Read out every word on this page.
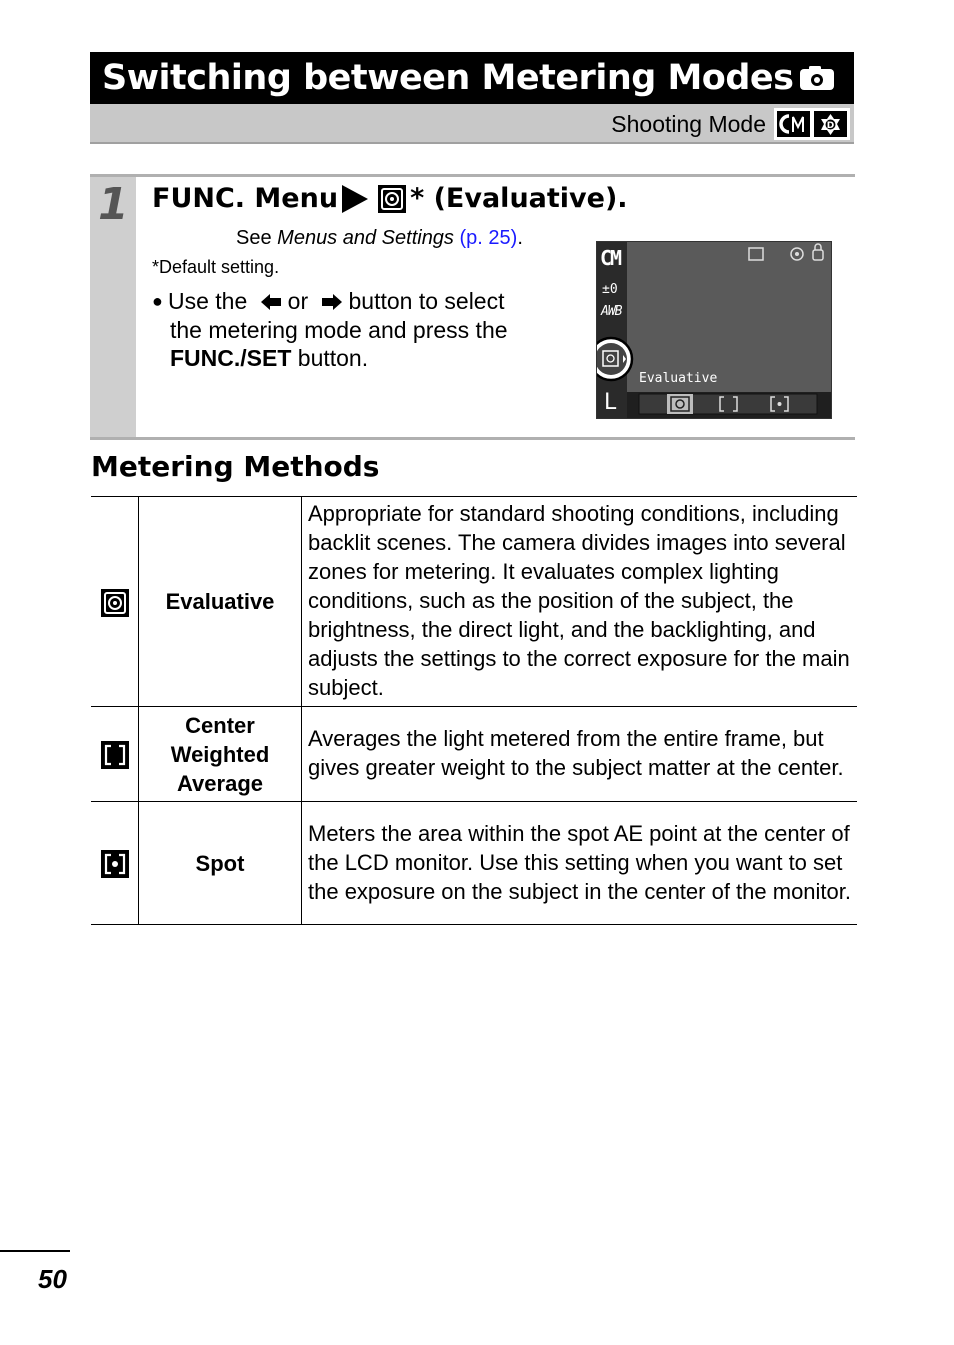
Switching between Metering Modes
Shooting Mode	D
1 FUNC. Menu	* (Evaluative).
See Menus and Settings (p. 25).
*Default setting.
● Use the or button to select
the metering mode and press the
FUNC./SET button.
CM
±0
AWB
Evaluative
L
Metering Methods
	Evaluative	Appropriate for standard shooting conditions, including backlit scenes. The camera divides images into several zones for metering. It evaluates complex lighting conditions, such as the position of the subject, the brightness, the direct light, and the backlighting, and adjusts the settings to the correct exposure for the main subject.
	Center
Weighted
Average	Averages the light metered from the entire frame, but gives greater weight to the subject matter at the center.
	Spot	Meters the area within the spot AE point at the center of the LCD monitor. Use this setting when you want to set the exposure on the subject in the center of the monitor.
50
